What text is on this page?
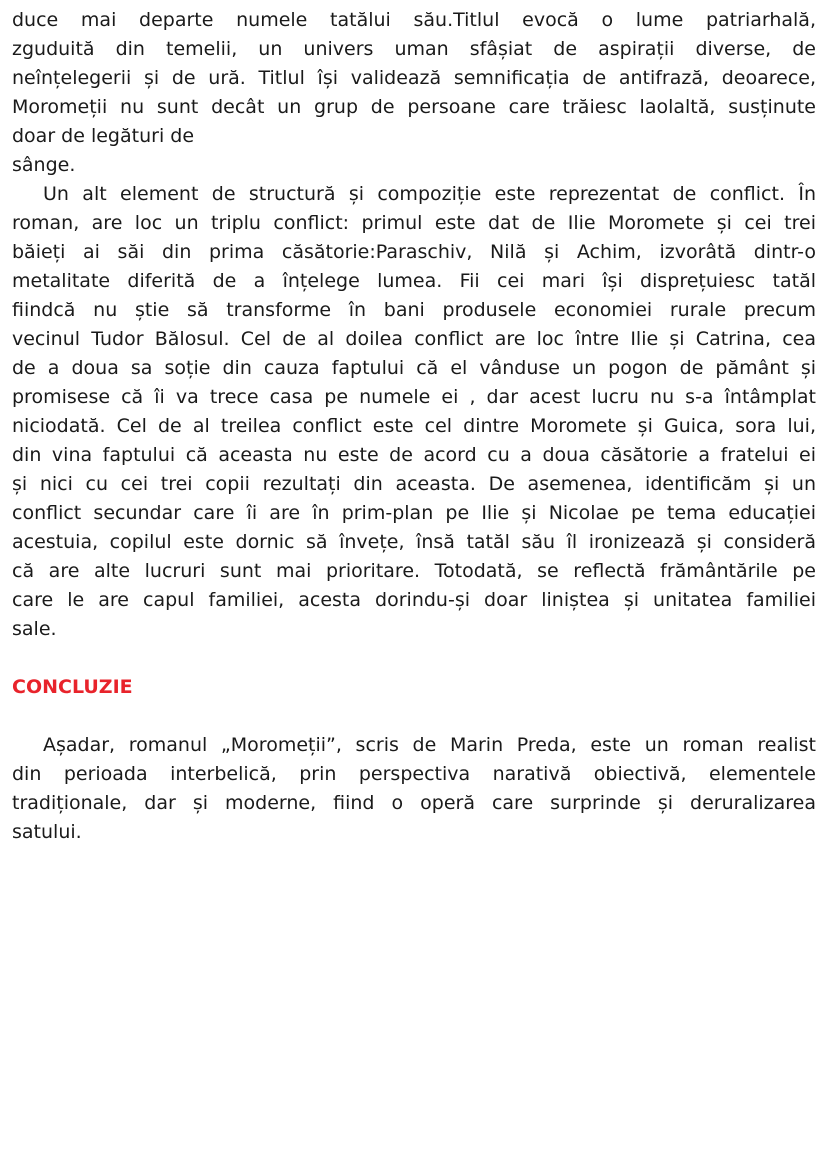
duce mai departe numele tatălui său.Titlul evocă o lume patriarhală,
zguduită din temelii, un univers uman sfâșiat de aspirații diverse, de
neînțelegerii și de ură. Titlul își validează semnificația de antifrază, deoarece,
Moromeții nu sunt decât un grup de persoane care trăiesc laolaltă, susținute
doar de legături de
sânge.
Un alt element de structură și compoziție este reprezentat de conflict. În
roman, are loc un triplu conflict: primul este dat de Ilie Moromete și cei trei
băieți ai săi din prima căsătorie:Paraschiv, Nilă și Achim, izvorâtă dintr-o
metalitate diferită de a înțelege lumea. Fii cei mari își disprețuiesc tatăl
fiindcă nu știe să transforme în bani produsele economiei rurale precum
vecinul Tudor Bălosul. Cel de al doilea conflict are loc între Ilie și Catrina, cea
de a doua sa soție din cauza faptului că el vânduse un pogon de pământ și
promisese că îi va trece casa pe numele ei , dar acest lucru nu s-a întâmplat
niciodată. Cel de al treilea conflict este cel dintre Moromete și Guica, sora lui,
din vina faptului că aceasta nu este de acord cu a doua căsătorie a fratelui ei
și nici cu cei trei copii rezultați din aceasta. De asemenea, identificăm și un
conflict secundar care îi are în prim-plan pe Ilie și Nicolae pe tema educației
acestuia, copilul este dornic să învețe, însă tatăl său îl ironizează și consideră
că are alte lucruri sunt mai prioritare. Totodată, se reflectă frământările pe
care le are capul familiei, acesta dorindu-și doar liniștea și unitatea familiei
sale.
CONCLUZIE
Așadar, romanul „Moromeții”, scris de Marin Preda, este un roman realist
din perioada interbelică, prin perspectiva narativă obiectivă, elementele
tradiționale, dar și moderne, fiind o operă care surprinde și deruralizarea
satului.
